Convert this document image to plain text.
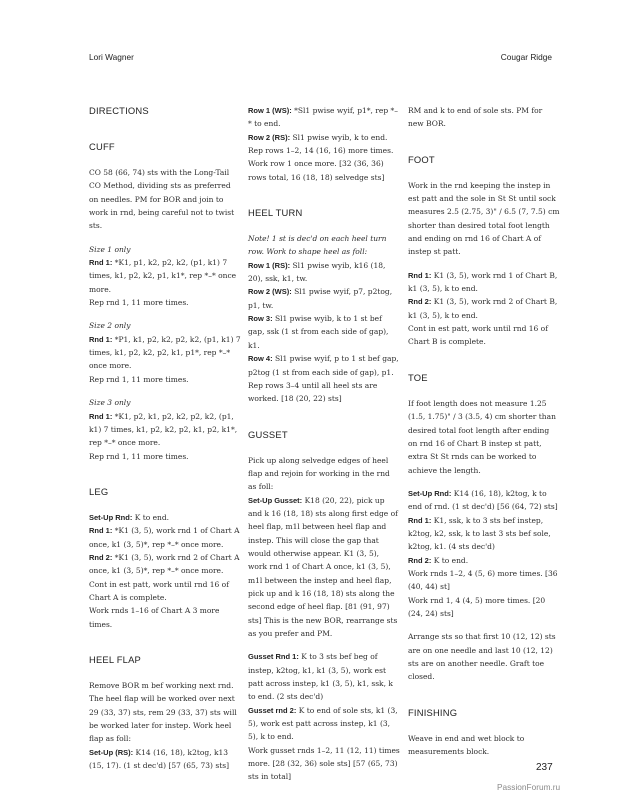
Lori Wagner	Cougar Ridge
DIRECTIONS
CUFF

CO 58 (66, 74) sts with the Long-Tail CO Method, dividing sts as preferred on needles. PM for BOR and join to work in rnd, being careful not to twist sts.

Size 1 only

Rnd 1: *K1, p1, k2, p2, k2, (p1, k1) 7 times, k1, p2, k2, p1, k1*, rep *–* once more.

Rep rnd 1, 11 more times.

Size 2 only

Rnd 1: *P1, k1, p2, k2, p2, k2, (p1, k1) 7 times, k1, p2, k2, p2, k1, p1*, rep *–* once more.

Rep rnd 1, 11 more times.

Size 3 only

Rnd 1: *K1, p2, k1, p2, k2, p2, k2, (p1, k1) 7 times, k1, p2, k2, p2, k1, p2, k1*, rep *–* once more.

Rep rnd 1, 11 more times.

LEG

Set-Up Rnd: K to end.

Rnd 1: *K1 (3, 5), work rnd 1 of Chart A once, k1 (3, 5)*, rep *–* once more.

Rnd 2: *K1 (3, 5), work rnd 2 of Chart A once, k1 (3, 5)*, rep *–* once more.

Cont in est patt, work until rnd 16 of Chart A is complete.

Work rnds 1–16 of Chart A 3 more times.

HEEL FLAP

Remove BOR m bef working next rnd. The heel flap will be worked over next 29 (33, 37) sts, rem 29 (33, 37) sts will be worked later for instep. Work heel flap as foll:

Set-Up (RS): K14 (16, 18), k2tog, k13 (15, 17). (1 st dec'd) [57 (65, 73) sts]

Row 1 (WS): *Sl1 pwise wyif, p1*, rep *–* to end.

Row 2 (RS): Sl1 pwise wyib, k to end.

Rep rows 1–2, 14 (16, 16) more times. Work row 1 once more. [32 (36, 36) rows total, 16 (18, 18) selvedge sts]

HEEL TURN

Note! 1 st is dec'd on each heel turn row. Work to shape heel as foll:

Row 1 (RS): Sl1 pwise wyib, k16 (18, 20), ssk, k1, tw.

Row 2 (WS): Sl1 pwise wyif, p7, p2tog, p1, tw.

Row 3: Sl1 pwise wyib, k to 1 st bef gap, ssk (1 st from each side of gap), k1.

Row 4: Sl1 pwise wyif, p to 1 st bef gap, p2tog (1 st from each side of gap), p1.

Rep rows 3–4 until all heel sts are worked. [18 (20, 22) sts]

GUSSET

Pick up along selvedge edges of heel flap and rejoin for working in the rnd as foll:

Set-Up Gusset: K18 (20, 22), pick up and k 16 (18, 18) sts along first edge of heel flap, m1l between heel flap and instep. This will close the gap that would otherwise appear. K1 (3, 5), work rnd 1 of Chart A once, k1 (3, 5), m1l between the instep and heel flap, pick up and k 16 (18, 18) sts along the second edge of heel flap. [81 (91, 97) sts] This is the new BOR, rearrange sts as you prefer and PM.

Gusset Rnd 1: K to 3 sts bef beg of instep, k2tog, k1, k1 (3, 5), work est patt across instep, k1 (3, 5), k1, ssk, k to end. (2 sts dec'd)

Gusset rnd 2: K to end of sole sts, k1 (3, 5), work est patt across instep, k1 (3, 5), k to end.

Work gusset rnds 1–2, 11 (12, 11) times more. [28 (32, 36) sole sts] [57 (65, 73) sts in total]

RM and k to end of sole sts. PM for new BOR.

FOOT

Work in the rnd keeping the instep in est patt and the sole in St St until sock measures 2.5 (2.75, 3)" / 6.5 (7, 7.5) cm shorter than desired total foot length and ending on rnd 16 of Chart A of instep st patt.

Rnd 1: K1 (3, 5), work rnd 1 of Chart B, k1 (3, 5), k to end.

Rnd 2: K1 (3, 5), work rnd 2 of Chart B, k1 (3, 5), k to end.

Cont in est patt, work until rnd 16 of Chart B is complete.

TOE

If foot length does not measure 1.25 (1.5, 1.75)" / 3 (3.5, 4) cm shorter than desired total foot length after ending on rnd 16 of Chart B instep st patt, extra St St rnds can be worked to achieve the length.

Set-Up Rnd: K14 (16, 18), k2tog, k to end of rnd. (1 st dec'd) [56 (64, 72) sts]

Rnd 1: K1, ssk, k to 3 sts bef instep, k2tog, k2, ssk, k to last 3 sts bef sole, k2tog, k1. (4 sts dec'd)

Rnd 2: K to end.

Work rnds 1–2, 4 (5, 6) more times. [36 (40, 44) st]

Work rnd 1, 4 (4, 5) more times. [20 (24, 24) sts]

Arrange sts so that first 10 (12, 12) sts are on one needle and last 10 (12, 12) sts are on another needle. Graft toe closed.

FINISHING

Weave in end and wet block to measurements block.

237
PassionForum.ru
